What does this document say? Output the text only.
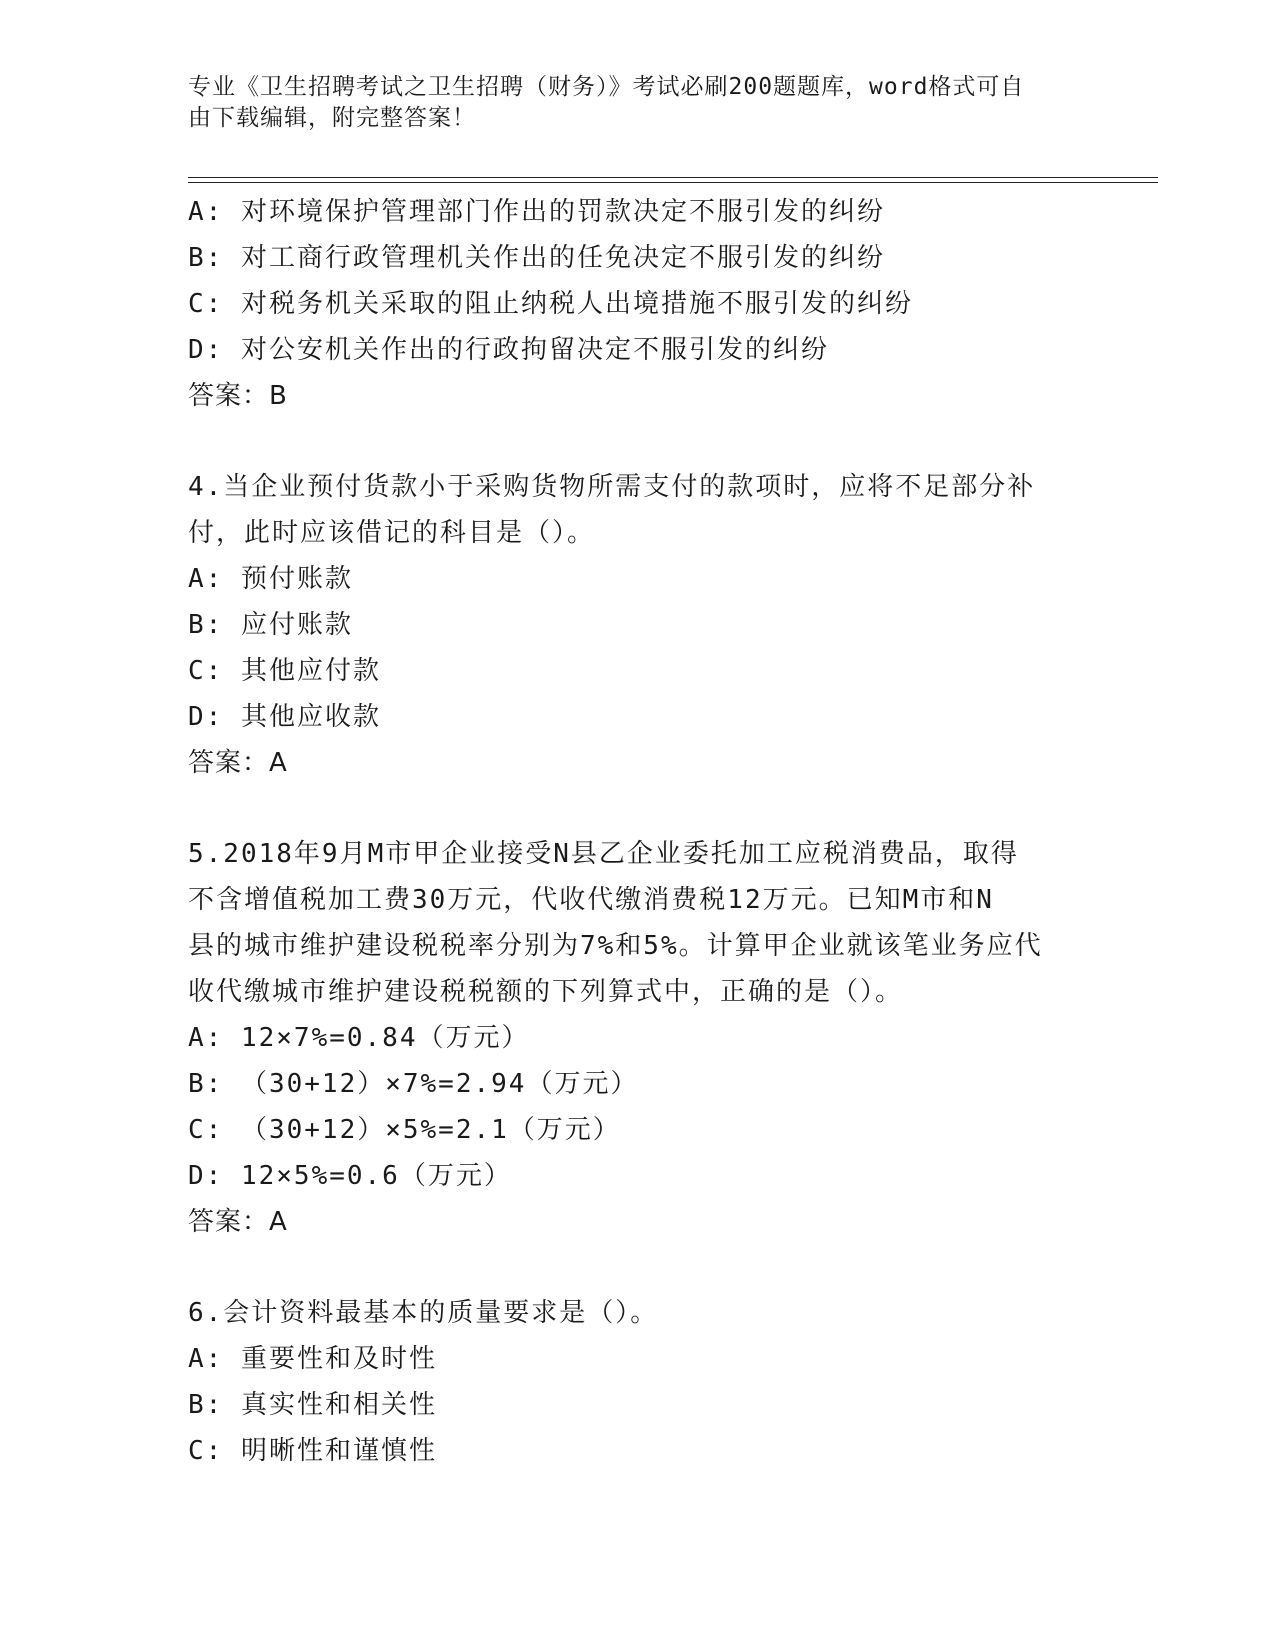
专业《卫生招聘考试之卫生招聘（财务）》考试必刷200题题库，word格式可自
由下载编辑，附完整答案！
A: 对环境保护管理部门作出的罚款决定不服引发的纠纷
B: 对工商行政管理机关作出的任免决定不服引发的纠纷
C: 对税务机关采取的阻止纳税人出境措施不服引发的纠纷
D: 对公安机关作出的行政拘留决定不服引发的纠纷
答案：B
4.当企业预付货款小于采购货物所需支付的款项时，应将不足部分补
付，此时应该借记的科目是（）。
A: 预付账款
B: 应付账款
C: 其他应付款
D: 其他应收款
答案：A
5.2018年9月M市甲企业接受N县乙企业委托加工应税消费品，取得
不含增值税加工费30万元，代收代缴消费税12万元。已知M市和N
县的城市维护建设税税率分别为7%和5%。计算甲企业就该笔业务应代
收代缴城市维护建设税税额的下列算式中，正确的是（）。
A: 12×7%=0.84（万元）
B: （30+12）×7%=2.94（万元）
C: （30+12）×5%=2.1（万元）
D: 12×5%=0.6（万元）
答案：A
6.会计资料最基本的质量要求是（）。
A: 重要性和及时性
B: 真实性和相关性
C: 明晰性和谨慎性
